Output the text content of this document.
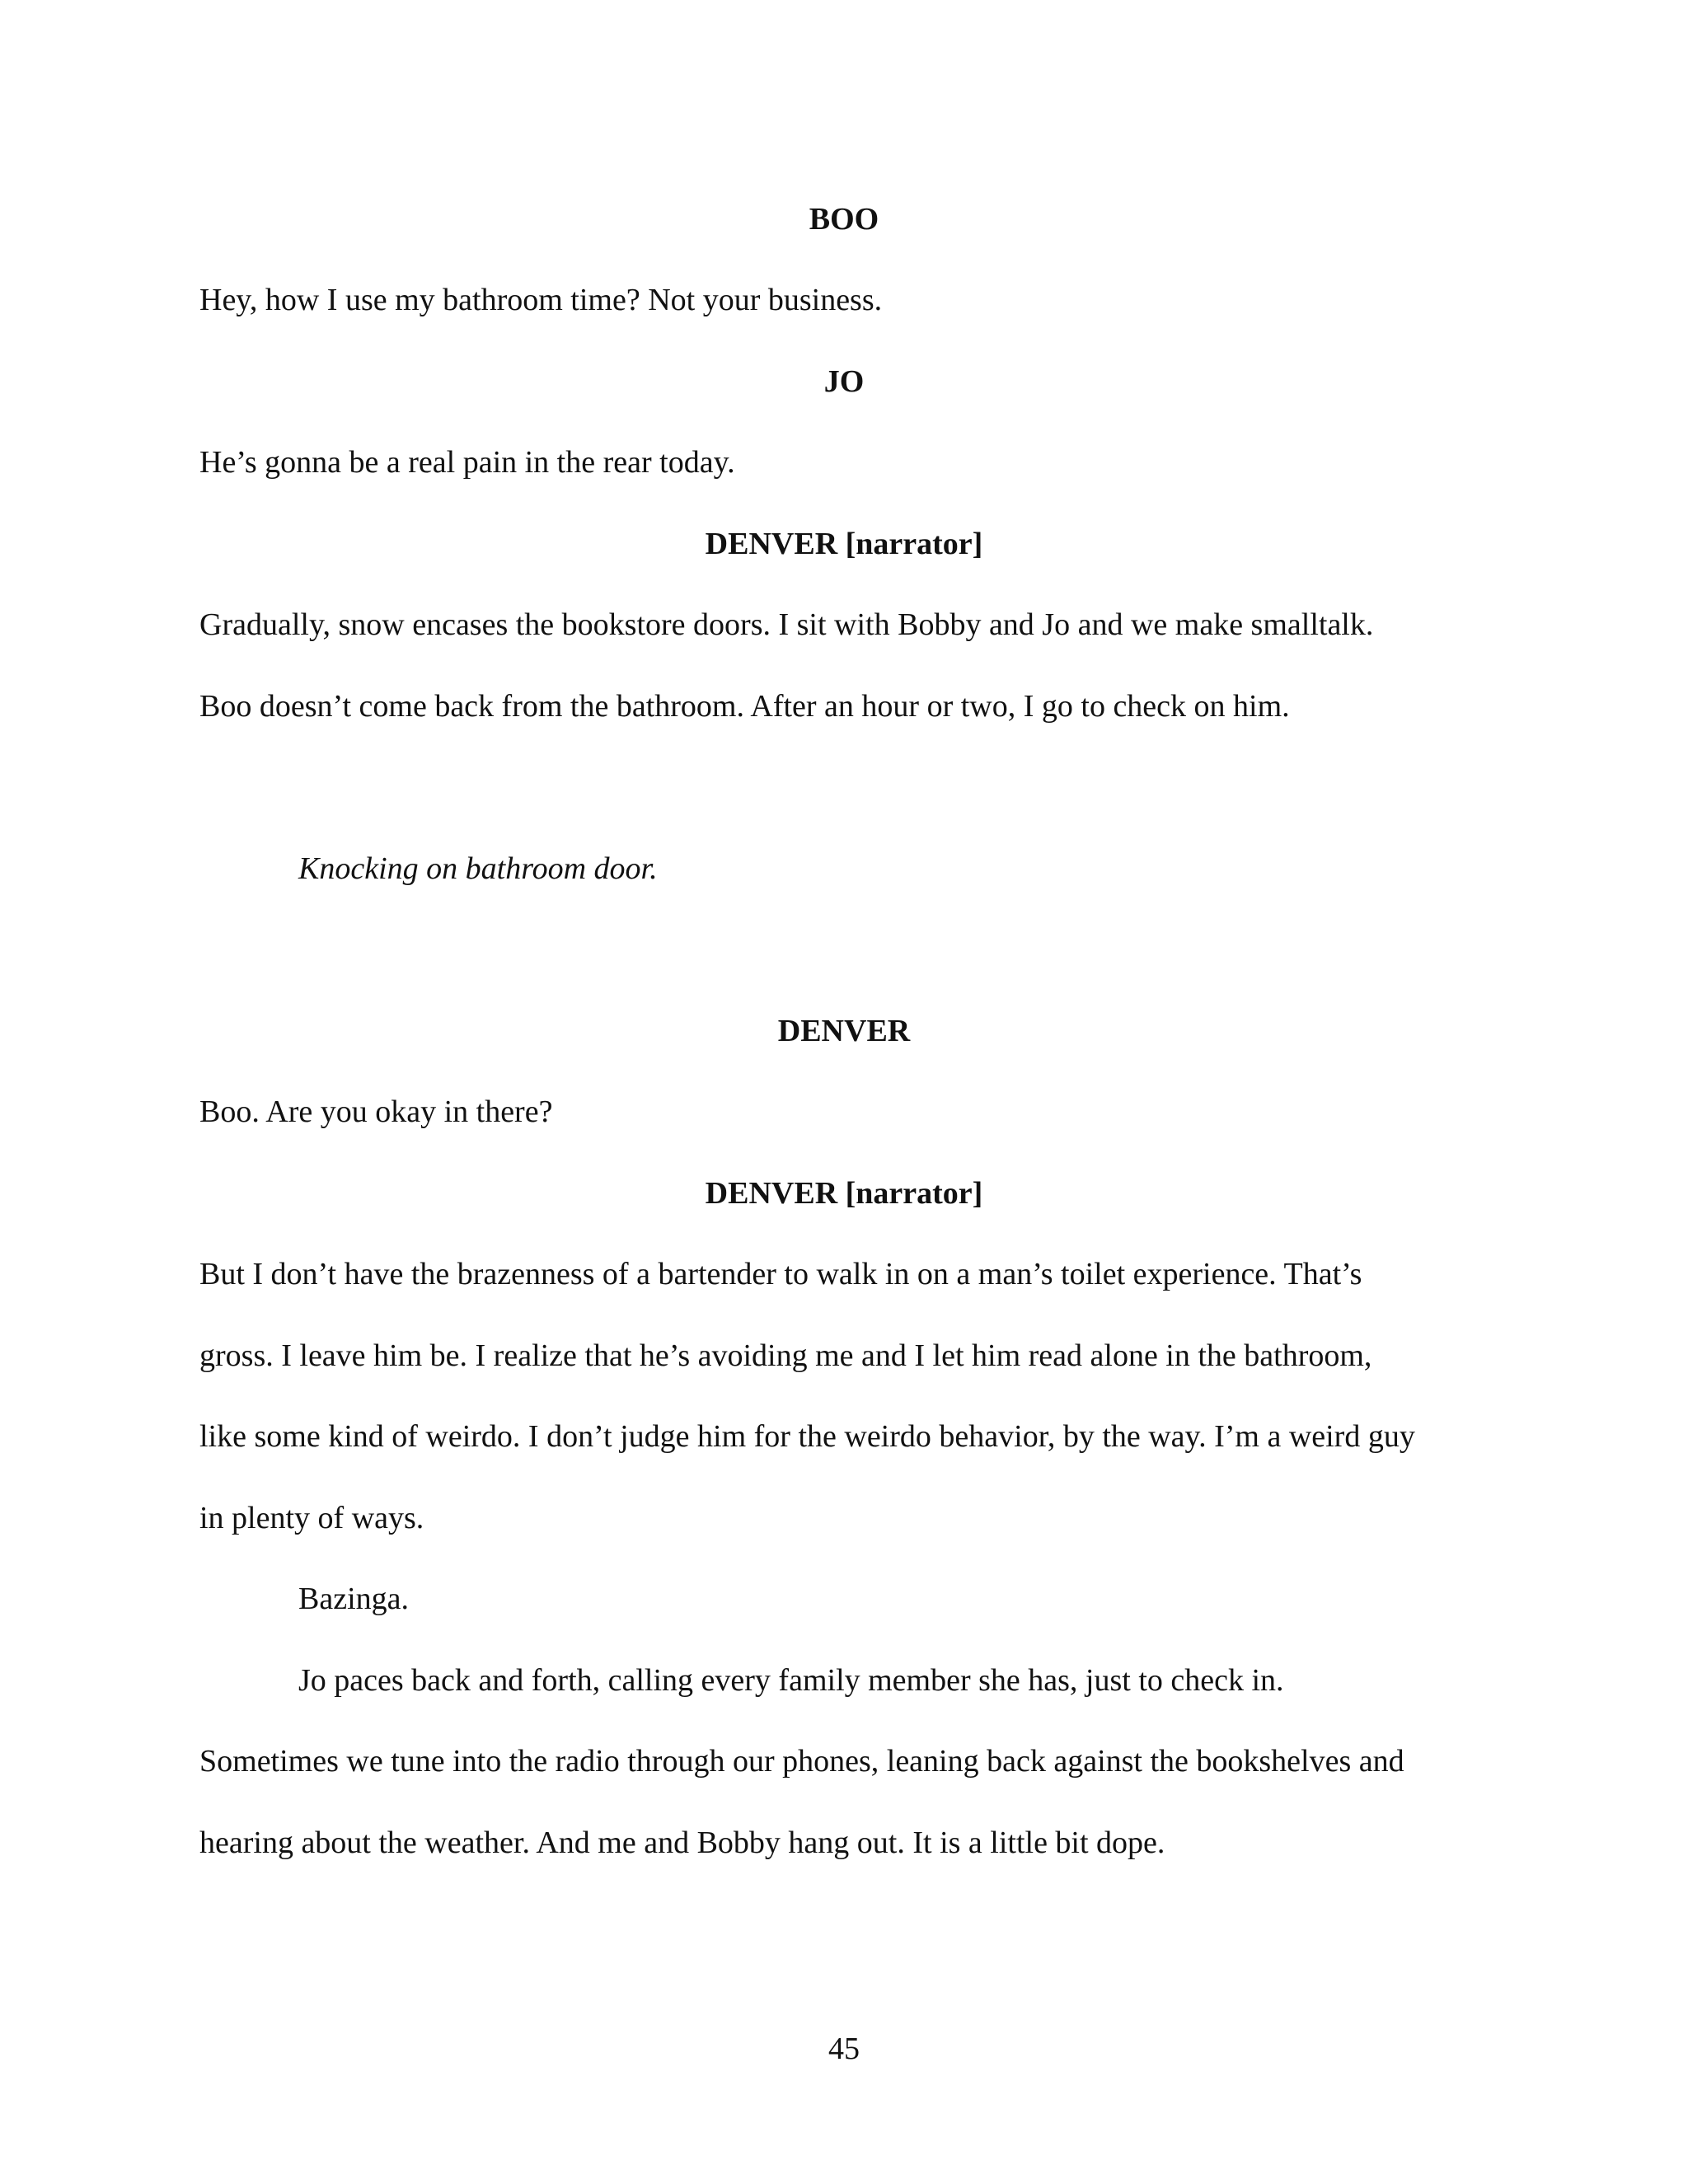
BOO
Hey, how I use my bathroom time? Not your business.
JO
He’s gonna be a real pain in the rear today.
DENVER [narrator]
Gradually, snow encases the bookstore doors. I sit with Bobby and Jo and we make smalltalk.
Boo doesn’t come back from the bathroom. After an hour or two, I go to check on him.
Knocking on bathroom door.
DENVER
Boo. Are you okay in there?
DENVER [narrator]
But I don’t have the brazenness of a bartender to walk in on a man’s toilet experience. That’s
gross. I leave him be. I realize that he’s avoiding me and I let him read alone in the bathroom,
like some kind of weirdo. I don’t judge him for the weirdo behavior, by the way. I’m a weird guy
in plenty of ways.
Bazinga.
Jo paces back and forth, calling every family member she has, just to check in.
Sometimes we tune into the radio through our phones, leaning back against the bookshelves and
hearing about the weather. And me and Bobby hang out. It is a little bit dope.
45
